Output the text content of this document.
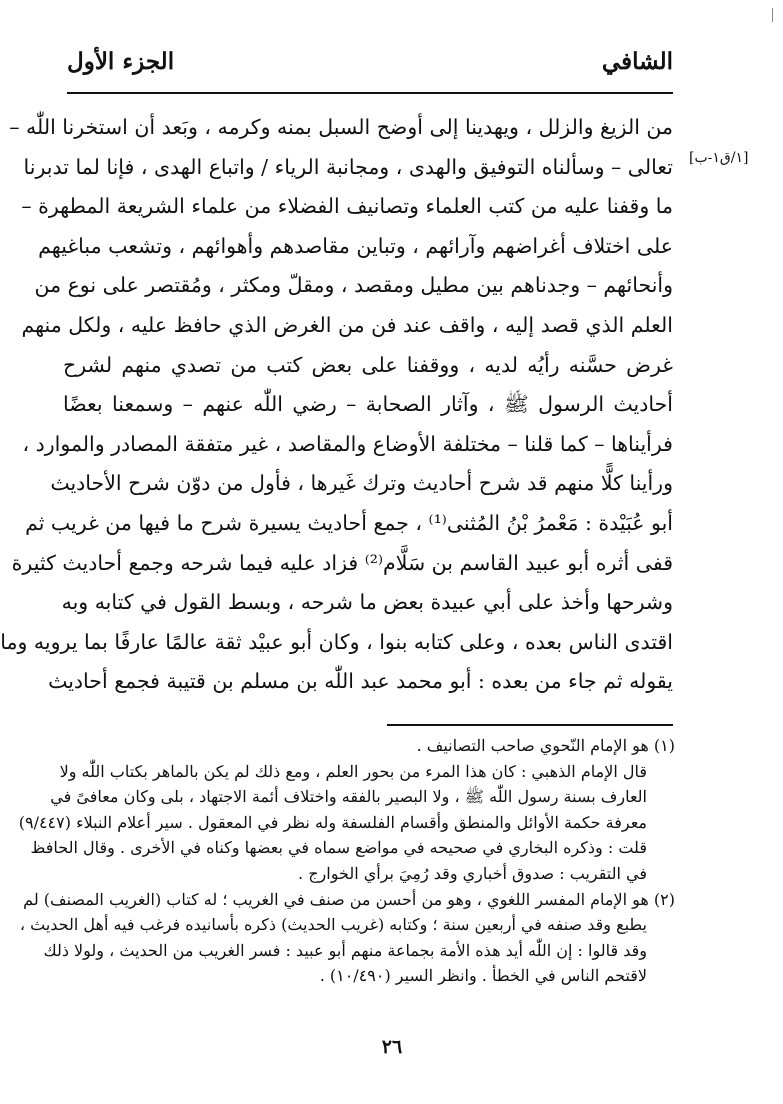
الشافي
الجزء الأول
[١/ق١-ب]
من الزيغ والزلل ، ويهدينا إلى أوضح السبل بمنه وكرمه ، وبَعد أن استخرنا اللّٰه –
تعالى – وسألناه التوفيق والهدى ، ومجانبة الرياء / واتباع الهدى ، فإنا لما تدبرنا
ما وقفنا عليه من كتب العلماء وتصانيف الفضلاء من علماء الشريعة المطهرة –
على اختلاف أغراضهم وآرائهم ، وتباين مقاصدهم وأهوائهم ، وتشعب مباغيهم
وأنحائهم – وجدناهم بين مطيل ومقصد ، ومقلّ ومكثر ، ومُقتصر على نوع من
العلم الذي قصد إليه ، واقف عند فن من الغرض الذي حافظ عليه ، ولكل منهم
غرض حسَّنه رأيُه لديه ، ووقفنا على بعض كتب من تصدي منهم لشرح
أحاديث الرسول ﷺ ، وآثار الصحابة – رضي اللّٰه عنهم – وسمعنا بعضًا
فرأيناها – كما قلنا – مختلفة الأوضاع والمقاصد ، غير متفقة المصادر والموارد ،
ورأينا كلًّا منهم قد شرح أحاديث وترك غَيرها ، فأول من دوّن شرح الأحاديث
أبو عُبَيْدة : مَعْمرُ بْنُ المُثنى⁽¹⁾ ، جمع أحاديث يسيرة شرح ما فيها من غريب ثم
قفى أثره أبو عبيد القاسم بن سَلَّام⁽²⁾ فزاد عليه فيما شرحه وجمع أحاديث كثيرة
وشرحها وأخذ على أبي عبيدة بعض ما شرحه ، وبسط القول في كتابه وبه
اقتدى الناس بعده ، وعلى كتابه بنوا ، وكان أبو عبيْد ثقة عالمًا عارفًا بما يرويه وما
يقوله ثم جاء من بعده : أبو محمد عبد اللّٰه بن مسلم بن قتيبة فجمع أحاديث
(١) هو الإمام النّحوي صاحب التصانيف .
قال الإمام الذهبي : كان هذا المرء من بحور العلم ، ومع ذلك لم يكن بالماهر بكتاب اللّٰه ولا
العارف بسنة رسول اللّٰه ﷺ ، ولا البصير بالفقه واختلاف أئمة الاجتهاد ، بلى وكان معافىً في
معرفة حكمة الأوائل والمنطق وأقسام الفلسفة وله نظر في المعقول . سير أعلام النبلاء (٩/٤٤٧)
قلت : وذكره البخاري في صحيحه في مواضع سماه في بعضها وكناه في الأخرى . وقال الحافظ
في التقريب : صدوق أخباري وقد رُمِيَ برأي الخوارج .
(٢) هو الإمام المفسر اللغوي ، وهو من أحسن من صنف في الغريب ؛ له كتاب (الغريب المصنف) لم
يطبع وقد صنفه في أربعين سنة ؛ وكتابه (غريب الحديث) ذكره بأسانيده فرغب فيه أهل الحديث ،
وقد قالوا : إن اللّٰه أيد هذه الأمة بجماعة منهم أبو عبيد : فسر الغريب من الحديث ، ولولا ذلك
لاقتحم الناس في الخطأ . وانظر السير (١٠/٤٩٠) .
٢٦
